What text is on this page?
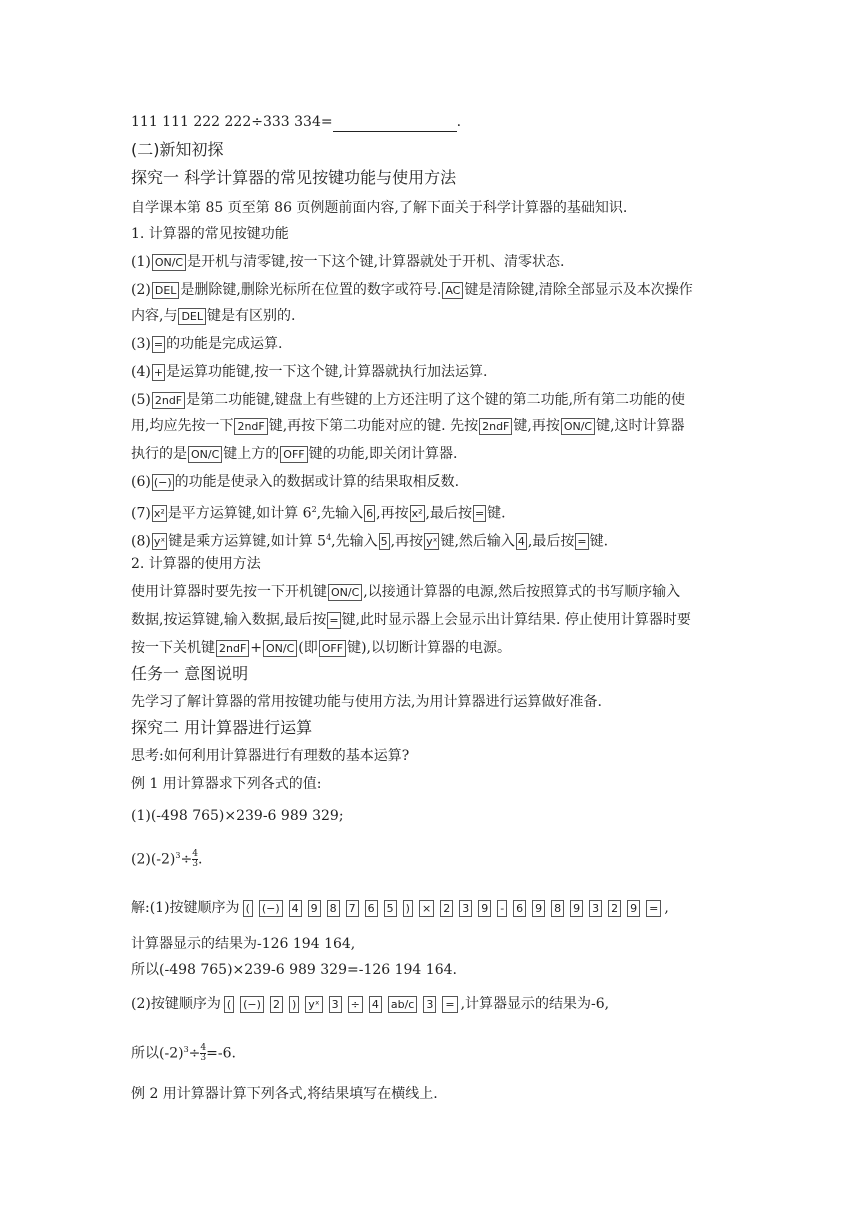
111 111 222 222÷333 334=	.
(二)新知初探
探究一 科学计算器的常见按键功能与使用方法
自学课本第 85 页至第 86 页例题前面内容,了解下面关于科学计算器的基础知识.
1. 计算器的常见按键功能
(1) ON/C 是开机与清零键,按一下这个键,计算器就处于开机、清零状态.
(2) DEL 是删除键,删除光标所在位置的数字或符号. AC 键是清除键,清除全部显示及本次操作
内容,与 DEL 键是有区别的.
(3) = 的功能是完成运算.
(4) + 是运算功能键,按一下这个键,计算器就执行加法运算.
(5) 2ndF 是第二功能键,键盘上有些键的上方还注明了这个键的第二功能,所有第二功能的使
用,均应先按一下 2ndF 键,再按下第二功能对应的键. 先按 2ndF 键,再按 ON/C 键,这时计算器
执行的是 ON/C 键上方的 OFF 键的功能,即关闭计算器.
(6) (−) 的功能是使录入的数据或计算的结果取相反数.
(7) x² 是平方运算键,如计算 $6^2$,先输入 6 ,再按 x² ,最后按 = 键.
(8) yˣ 键是乘方运算键,如计算 $5^4$,先输入 5 ,再按 yˣ 键,然后输入 4 ,最后按 = 键.
2. 计算器的使用方法
使用计算器时要先按一下开机键 ON/C ,以接通计算器的电源,然后按照算式的书写顺序输入
数据,按运算键,输入数据,最后按 = 键,此时显示器上会显示出计算结果. 停止使用计算器时要
按一下关机键 2ndF + ON/C (即 OFF 键),以切断计算器的电源。
任务一 意图说明
先学习了解计算器的常用按键功能与使用方法,为用计算器进行运算做好准备.
探究二 用计算器进行运算
思考:如何利用计算器进行有理数的基本运算?
例 1 用计算器求下列各式的值:
(1)(-498 765)×239-6 989 329;
$(2)(-2)^3\div \frac{4}{3}$ .
解:(1)按键顺序为 ( (−) 4 9 8 7 6 5 ) × 2 3 9 - 6 9 8 9 3 2 9 = ,
计算器显示的结果为-126 194 164,
所以(-498 765)×239-6 989 329=-126 194 164.
(2)按键顺序为 ( (−) 2 ) yˣ 3 ÷ 4 ab/c 3 = ,计算器显示的结果为-6,
所以$(-2)^3\div \frac{4}{3} =-6$.
例 2 用计算器计算下列各式,将结果填写在横线上.
